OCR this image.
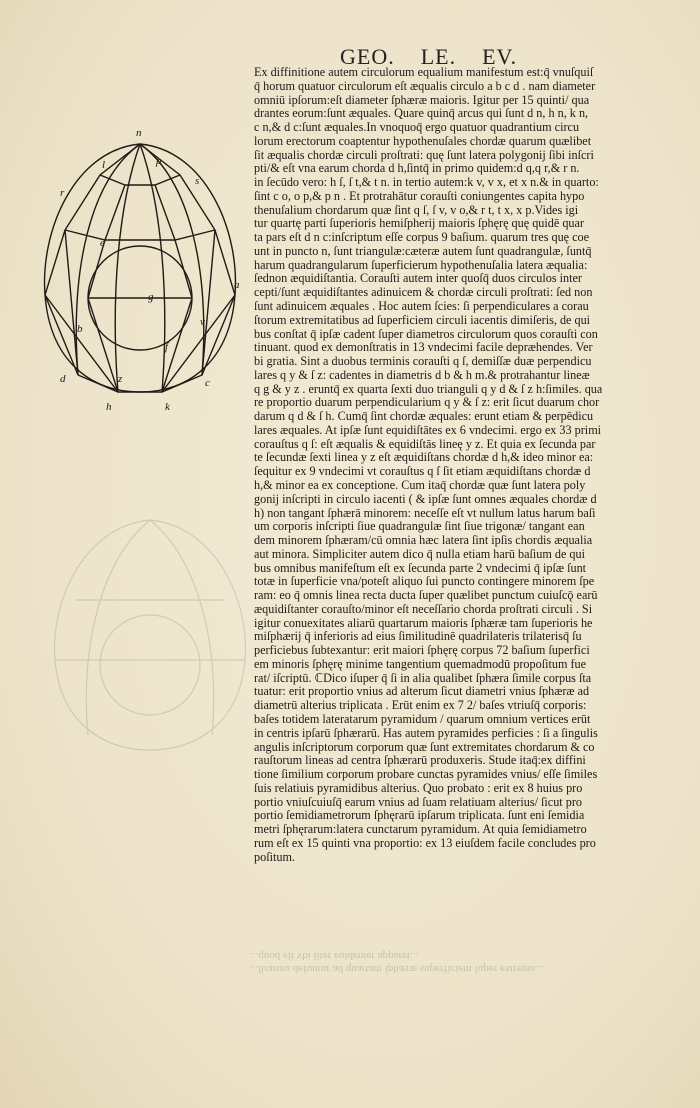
GEO. LE. EV.
n
r
l	p
s
e
g
a
v
f
d
b
z	c
h	k
Ex diffinitione autem circulorum equalium manifestum est:q̄ vnuſquiſ
q̄ horum quatuor circulorum eſt æqualis circulo a b c d . nam diameter
omniū ipſorum:eſt diameter ſphæræ maioris. Igitur per 15 quinti/ qua
drantes eorum:ſunt æquales. Quare quinq̄ arcus qui ſunt d n, h n, k n,
c n,& d c:ſunt æquales.In vnoquoq̄ ergo quatuor quadrantium circu
lorum erectorum coaptentur hypothenuſales chordæ quarum quælibet
ſit æqualis chordæ circuli proſtrati: quę ſunt latera polygonij ſibi inſcri
pti/& eſt vna earum chorda d h,ſintq̄ in primo quidem:d q,q r,& r n.
in ſecūdo vero: h ſ, ſ t,& t n. in tertio autem:k v, v x, et x n.& in quarto:
ſint c o, o p,& p n . Et protrahātur corauſti coniungentes capita hypo
thenuſalium chordarum quæ ſint q ſ, ſ v, v o,& r t, t x, x p.Vides igi
tur quartę parti ſuperioris hemiſpherij maioris ſphęrę quę quidē quar
ta pars eſt d n c:inſcriptum eſſe corpus 9 baſium. quarum tres quę coe
unt in puncto n, ſunt triangulæ:cæteræ autem ſunt quadrangulæ, ſuntq̄
harum quadrangularum ſuperficierum hypothenuſalia latera æqualia:
ſednon æquidiſtantia. Corauſti autem inter quoſq̄ duos circulos inter
cepti/ſunt æquidiſtantes adinuicem & chordæ circuli proſtrati: ſed non
ſunt adinuicem æquales . Hoc autem ſcies: ſi perpendiculares a corau
ſtorum extremitatibus ad ſuperficiem circuli iacentis dimiſeris, de qui
bus conſtat q̄ ipſæ cadent ſuper diametros circulorum quos corauſti con
tinuant. quod ex demonſtratis in 13 vndecimi facile depræhendes. Ver
bi gratia. Sint a duobus terminis corauſti q ſ, demiſſæ duæ perpendicu
lares q y & ſ z: cadentes in diametris d b & h m.& protrahantur lineæ
q g & y z . eruntq̄ ex quarta ſexti duo trianguli q y d & ſ z h:ſimiles. qua
re proportio duarum perpendicularium q y & ſ z: erit ſicut duarum chor
darum q d & ſ h. Cumq̄ ſint chordæ æquales: erunt etiam & perpēdicu
lares æquales. At ipſæ ſunt equidiſtātes ex 6 vndecimi. ergo ex 33 primi
corauſtus q ſ: eſt æqualis & equidiſtās lineę y z. Et quia ex ſecunda par
te ſecundæ ſexti linea y z eſt æquidiſtans chordæ d h,& ideo minor ea:
ſequitur ex 9 vndecimi vt corauſtus q ſ ſit etiam æquidiſtans chordæ d
h,& minor ea ex conceptione. Cum itaq̄ chordæ quæ ſunt latera poly
gonij inſcripti in circulo iacenti ( & ipſæ ſunt omnes æquales chordæ d
h) non tangant ſphærā minorem: neceſſe eſt vt nullum latus harum baſi
um corporis inſcripti ſiue quadrangulæ ſint ſiue trigonæ/ tangant ean
dem minorem ſphæram/cū omnia hæc latera ſint ipſis chordis æqualia
aut minora. Simpliciter autem dico q̄ nulla etiam harū baſium de qui
bus omnibus manifeſtum eſt ex ſecunda parte 2 vndecimi q̄ ipſæ ſunt
totæ in ſuperficie vna/poteſt aliquo ſui puncto contingere minorem ſpe
ram: eo q̄ omnis linea recta ducta ſuper quælibet punctum cuiuſcǭ earū
æquidiſtanter corauſto/minor eſt neceſſario chorda proſtrati circuli . Si
igitur conuexitates aliarū quartarum maioris ſphæræ tam ſuperioris he
miſphærij q̄ inferioris ad eius ſimilitudinē quadrilateris trilaterisq̄ ſu
perficiebus ſubtexantur: erit maiori ſphęrę corpus 72 baſium ſuperfici
em minoris ſphęrę minime tangentium quemadmodū propoſitum fue
rat/ iſcriptū. ℂDico iſuper q̄ ſi in alia qualibet ſphæra ſimile corpus ſta
tuatur: erit proportio vnius ad alterum ſicut diametri vnius ſphæræ ad
diametrū alterius triplicata . Erūt enim ex 7 2/ baſes vtriuſq̄ corporis:
baſes totidem lateratarum pyramidum / quarum omnium vertices erūt
in centris ipſarū ſphærarū. Has autem pyramides perficies : ſi a ſingulis
angulis inſcriptorum corporum quæ ſunt extremitates chordarum & co
rauſtorum lineas ad centra ſphærarū produxeris. Stude itaq̄:ex diffini
tione ſimilium corporum probare cunctas pyramides vnius/ eſſe ſimiles
ſuis relatiuis pyramidibus alterius. Quo probato : erit ex 8 huius pro
portio vniuſcuiuſq̄ earum vnius ad ſuam relatiuam alterius/ ſicut pro
portio ſemidiametrorum ſphęrarū ipſarum triplicata. ſunt eni ſemidia
metri ſphęrarum:latera cunctarum pyramidum. At quia ſemidiametro
rum eſt ex 15 quinti vna proportio: ex 13 eiuſdem facile concludes pro
poſitum.
...ſtratura defuntur ad quartam ſphæræ superficiem ſuper extrema...
...quod eſt vbi liter euidenter apparet...
